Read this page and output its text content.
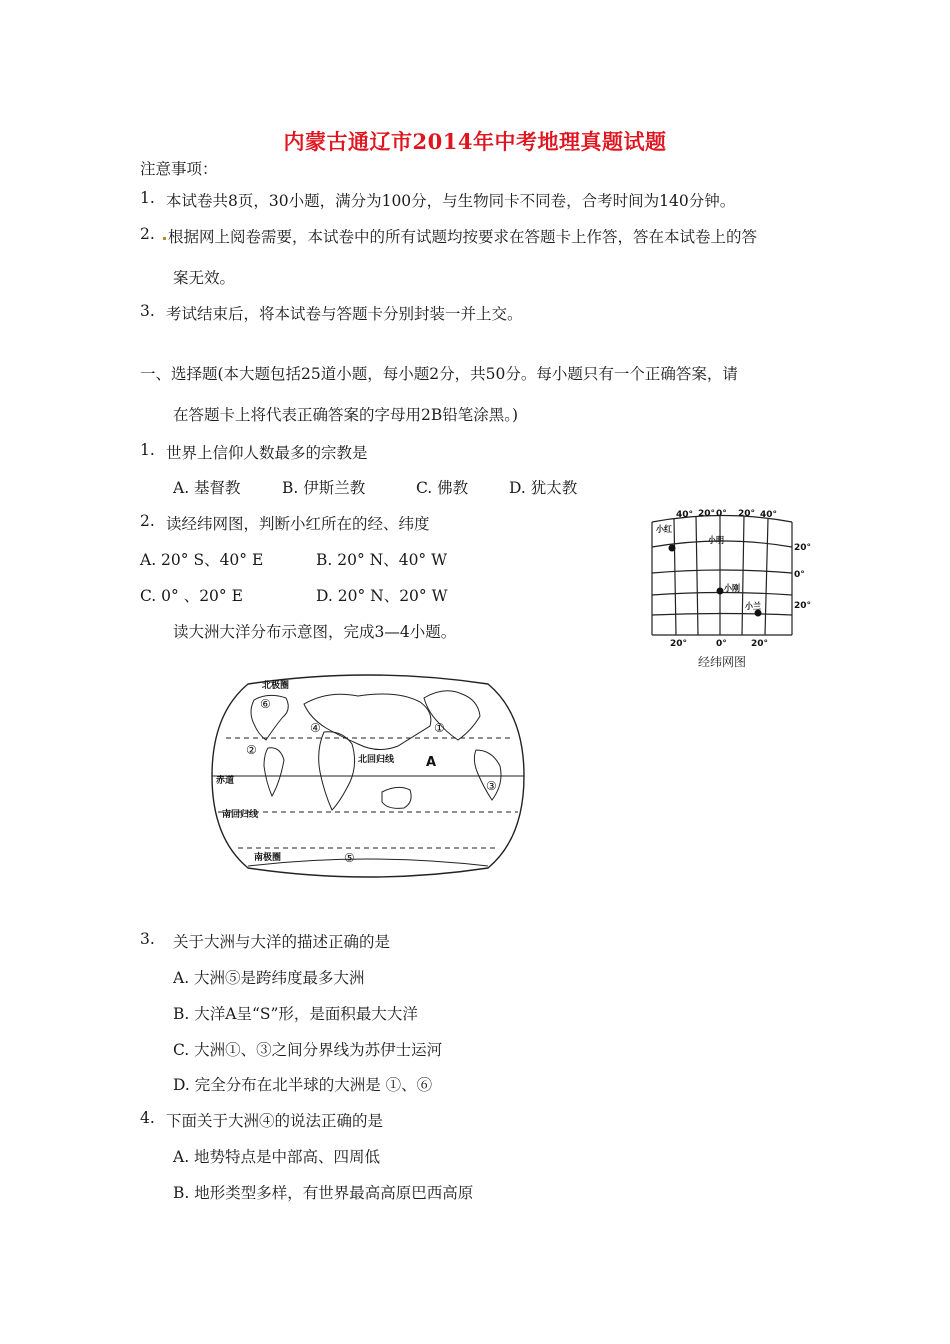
内蒙古通辽市2014年中考地理真题试题
注意事项：
1. 本试卷共8页，30小题，满分为100分，与生物同卡不同卷，合考时间为140分钟。
2. 根据网上阅卷需要，本试卷中的所有试题均按要求在答题卡上作答，答在本试卷上的答
案无效。
3. 考试结束后，将本试卷与答题卡分别封装一并上交。
一、选择题(本大题包括25道小题，每小题2分，共50分。每小题只有一个正确答案，请
在答题卡上将代表正确答案的字母用2B铅笔涂黑。)
1. 世界上信仰人数最多的宗教是
A. 基督教	B. 伊斯兰教	C. 佛教	D. 犹太教
2. 读经纬网图，判断小红所在的经、纬度
A. 20° S、40° E	B. 20° N、40° W
C. 0° 、20° E	D. 20° N、20° W
读大洲大洋分布示意图，完成3—4小题。
40° 20° 0° 20° 40°
20°	0°	20°
20°
0°
20°
小红
小明
小刚
小兰
经纬网图
北极圈
北回归线
赤道
南回归线
南极圈
A
①
②
③
④
⑤
⑥
3. 关于大洲与大洋的描述正确的是
A. 大洲⑤是跨纬度最多大洲
B. 大洋A呈“S”形，是面积最大大洋
C. 大洲①、③之间分界线为苏伊士运河
D. 完全分布在北半球的大洲是 ①、⑥
4. 下面关于大洲④的说法正确的是
A. 地势特点是中部高、四周低
B. 地形类型多样，有世界最高高原巴西高原
